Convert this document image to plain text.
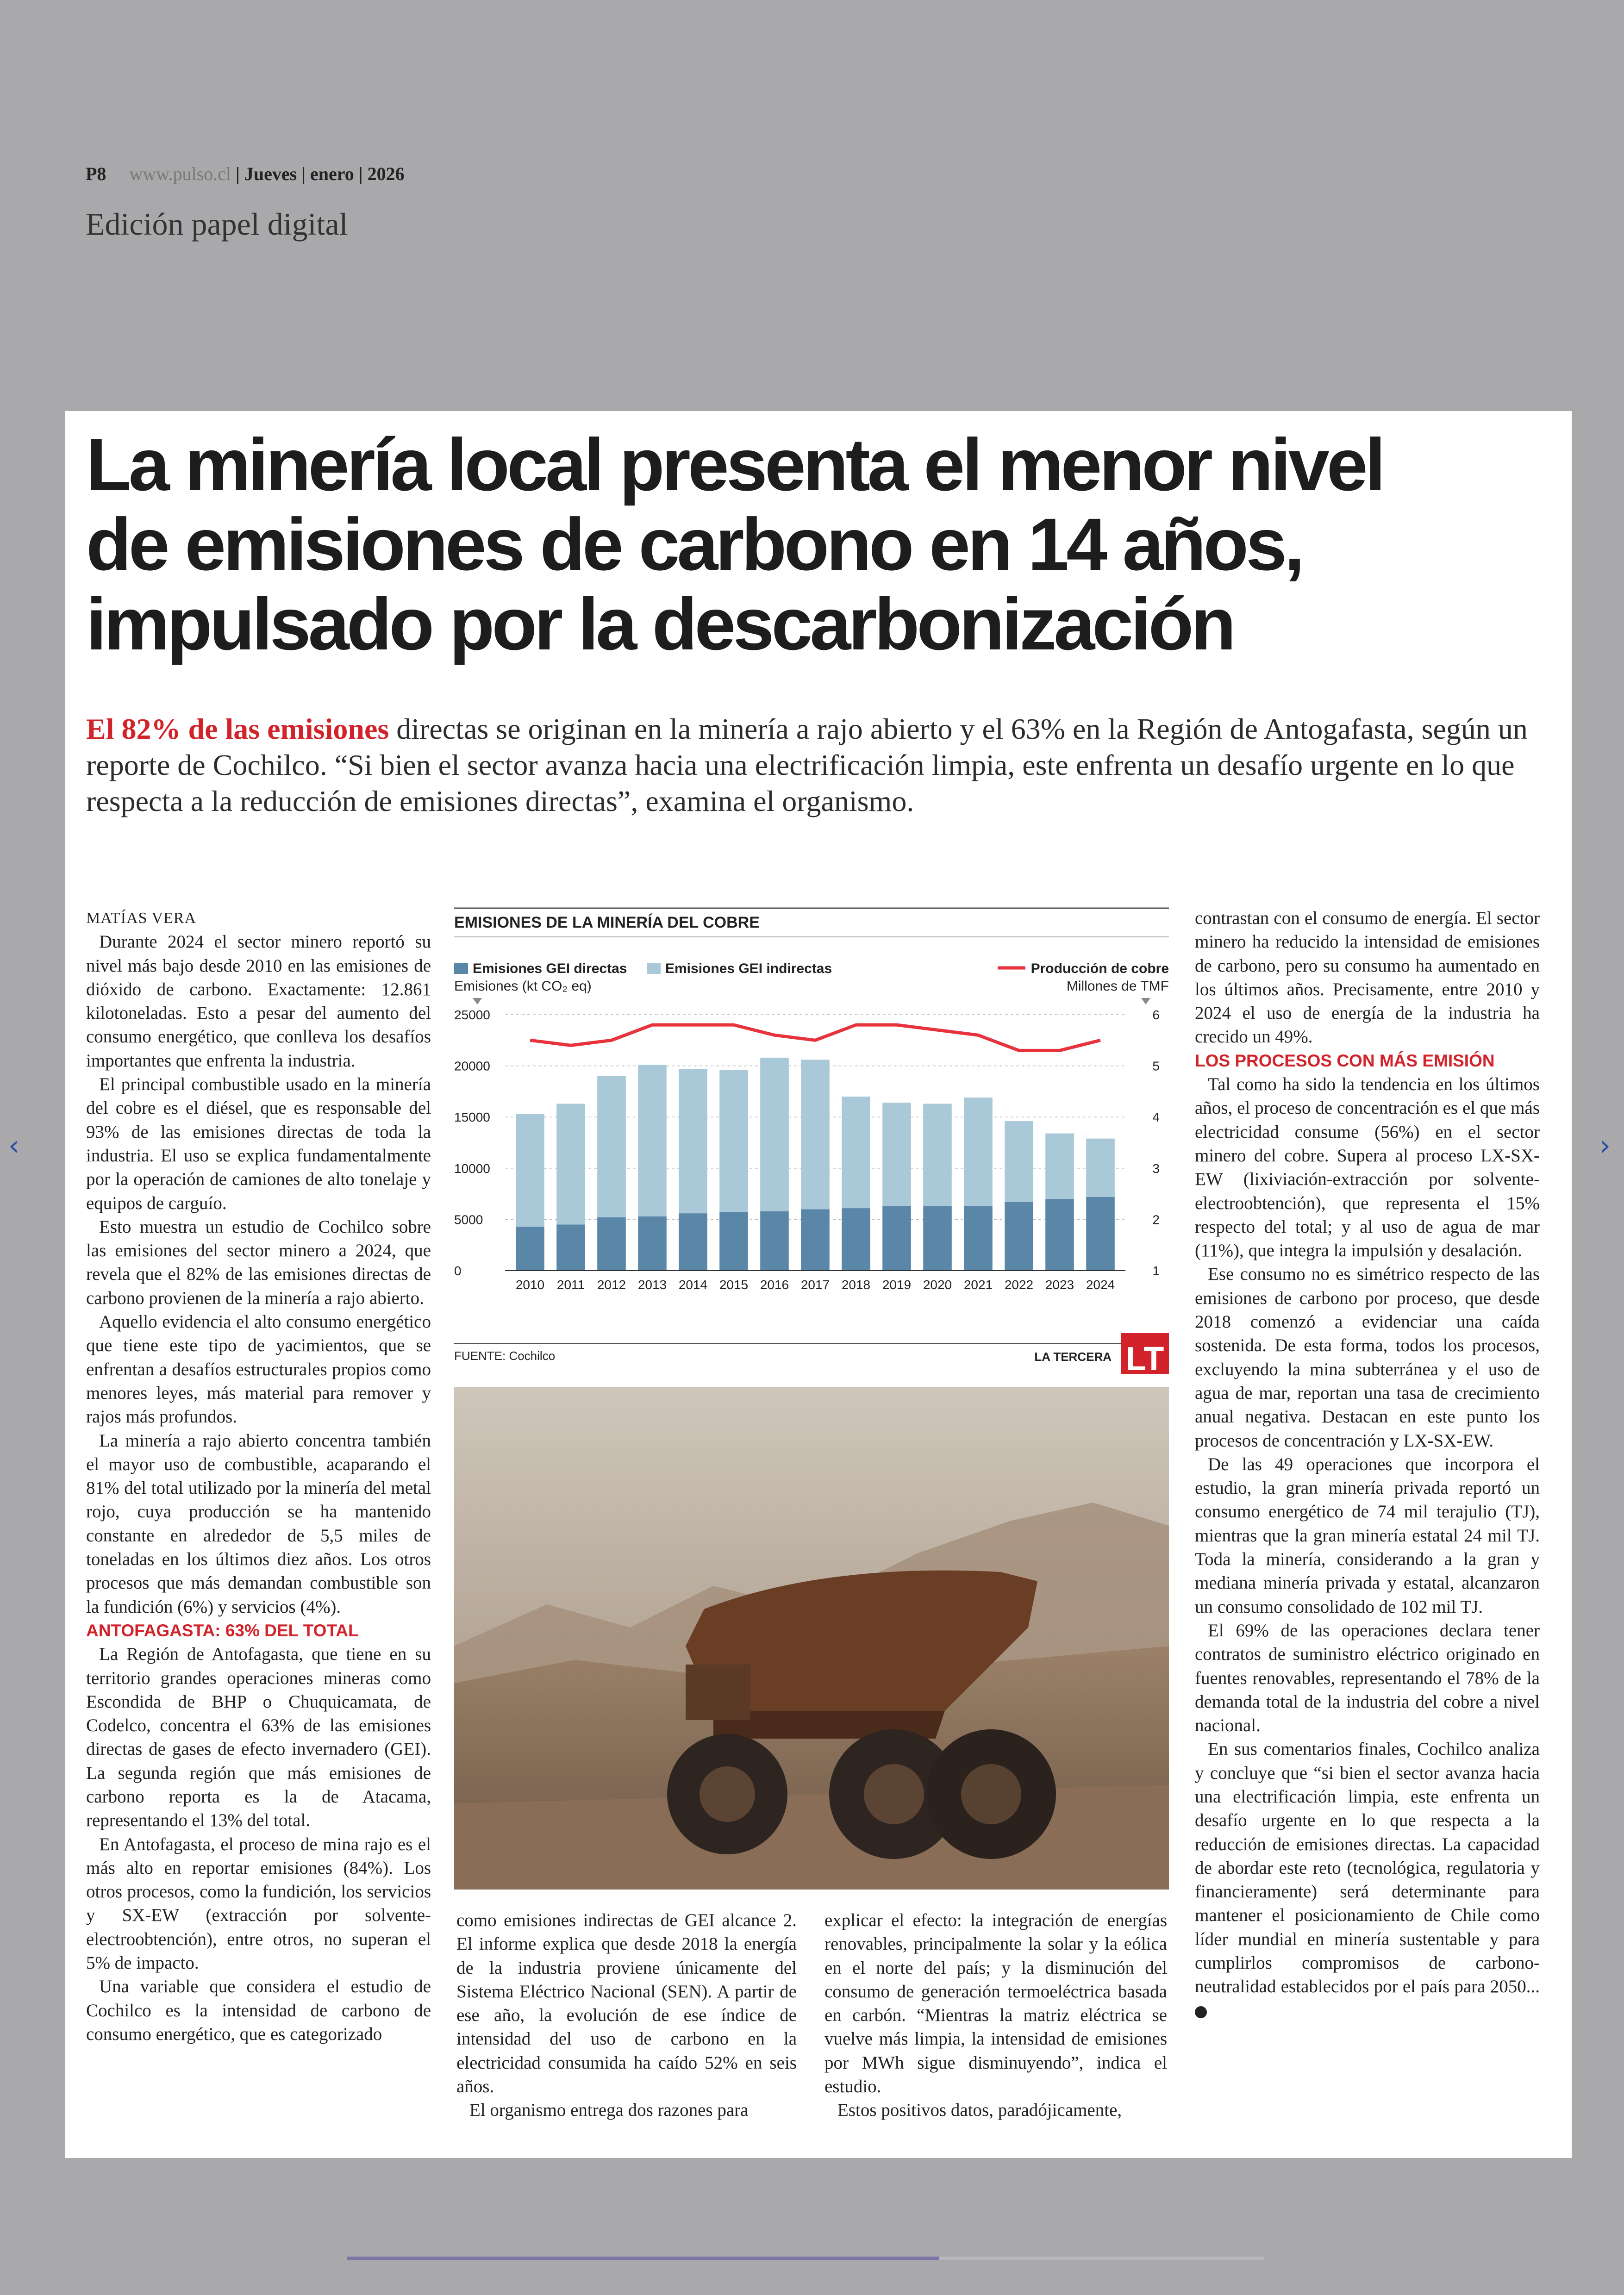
P8 www.pulso.cl | Jueves | enero | 2026
Edición papel digital
‹	›
La minería local presenta el menor nivel
de emisiones de carbono en 14 años,
impulsado por la descarbonización
El 82% de las emisiones directas se originan en la minería a rajo abierto y el 63% en la Región de Antogafasta, según un reporte de Cochilco. “Si bien el sector avanza hacia una electrificación limpia, este enfrenta un desafío urgente en lo que respecta a la reducción de emisiones directas”, examina el organismo.

MATÍAS VERA

Durante 2024 el sector minero reportó su nivel más bajo desde 2010 en las emisiones de dióxido de carbono. Exactamente: 12.861 kilotoneladas. Esto a pesar del aumento del consumo energético, que conlleva los desafíos importantes que enfrenta la industria.

El principal combustible usado en la minería del cobre es el diésel, que es responsable del 93% de las emisiones directas de toda la industria. El uso se explica fundamentalmente por la operación de camiones de alto tonelaje y equipos de carguío.

Esto muestra un estudio de Cochilco sobre las emisiones del sector minero a 2024, que revela que el 82% de las emisiones directas de carbono provienen de la minería a rajo abierto.

Aquello evidencia el alto consumo energético que tiene este tipo de yacimientos, que se enfrentan a desafíos estructurales propios como menores leyes, más material para remover y rajos más profundos.

La minería a rajo abierto concentra también el mayor uso de combustible, acaparando el 81% del total utilizado por la minería del metal rojo, cuya producción se ha mantenido constante en alrededor de 5,5 miles de toneladas en los últimos diez años. Los otros procesos que más demandan combustible son la fundición (6%) y servicios (4%).

ANTOFAGASTA: 63% DEL TOTAL

La Región de Antofagasta, que tiene en su territorio grandes operaciones mineras como Escondida de BHP o Chuquicamata, de Codelco, concentra el 63% de las emisiones directas de gases de efecto invernadero (GEI). La segunda región que más emisiones de carbono reporta es la de Atacama, representando el 13% del total.

En Antofagasta, el proceso de mina rajo es el más alto en reportar emisiones (84%). Los otros procesos, como la fundición, los servicios y SX-EW (extracción por solvente-electroobtención), entre otros, no superan el 5% de impacto.

Una variable que considera el estudio de Cochilco es la intensidad de carbono de consumo energético, que es categorizado

EMISIONES DE LA MINERÍA DEL COBRE
Emisiones GEI directas	Emisiones GEI indirectas	Producción de cobre
Emisiones (kt CO₂ eq)	Millones de TMF
0
5000
10000
15000
20000
25000
1
2
3
4
5
6
2010 2011 2012 2013 2014 2015 2016 2017 2018 2019 2020 2021 2022 2023 2024
FUENTE: Cochilco	LA TERCERA LT

como emisiones indirectas de GEI alcance 2. El informe explica que desde 2018 la energía de la industria proviene únicamente del Sistema Eléctrico Nacional (SEN). A partir de ese año, la evolución de ese índice de intensidad del uso de carbono en la electricidad consumida ha caído 52% en seis años.

El organismo entrega dos razones para

explicar el efecto: la integración de energías renovables, principalmente la solar y la eólica en el norte del país; y la disminución del consumo de generación termoeléctrica basada en carbón. “Mientras la matriz eléctrica se vuelve más limpia, la intensidad de emisiones por MWh sigue disminuyendo”, indica el estudio.

Estos positivos datos, paradójicamente,

contrastan con el consumo de energía. El sector minero ha reducido la intensidad de emisiones de carbono, pero su consumo ha aumentado en los últimos años. Precisamente, entre 2010 y 2024 el uso de energía de la industria ha crecido un 49%.

LOS PROCESOS CON MÁS EMISIÓN

Tal como ha sido la tendencia en los últimos años, el proceso de concentración es el que más electricidad consume (56%) en el sector minero del cobre. Supera al proceso LX-SX-EW (lixiviación-extracción por solvente-electroobtención), que representa el 15% respecto del total; y al uso de agua de mar (11%), que integra la impulsión y desalación.

Ese consumo no es simétrico respecto de las emisiones de carbono por proceso, que desde 2018 comenzó a evidenciar una caída sostenida. De esta forma, todos los procesos, excluyendo la mina subterránea y el uso de agua de mar, reportan una tasa de crecimiento anual negativa. Destacan en este punto los procesos de concentración y LX-SX-EW.

De las 49 operaciones que incorpora el estudio, la gran minería privada reportó un consumo energético de 74 mil terajulio (TJ), mientras que la gran minería estatal 24 mil TJ. Toda la minería, considerando a la gran y mediana minería privada y estatal, alcanzaron un consumo consolidado de 102 mil TJ.

El 69% de las operaciones declara tener contratos de suministro eléctrico originado en fuentes renovables, representando el 78% de la demanda total de la industria del cobre a nivel nacional.

En sus comentarios finales, Cochilco analiza y concluye que “si bien el sector avanza hacia una electrificación limpia, este enfrenta un desafío urgente en lo que respecta a la reducción de emisiones directas. La capacidad de abordar este reto (tecnológica, regulatoria y financieramente) será determinante para mantener el posicionamiento de Chile como líder mundial en minería sustentable y para cumplirlos compromisos de carbono-neutralidad establecidos por el país para 2050...
